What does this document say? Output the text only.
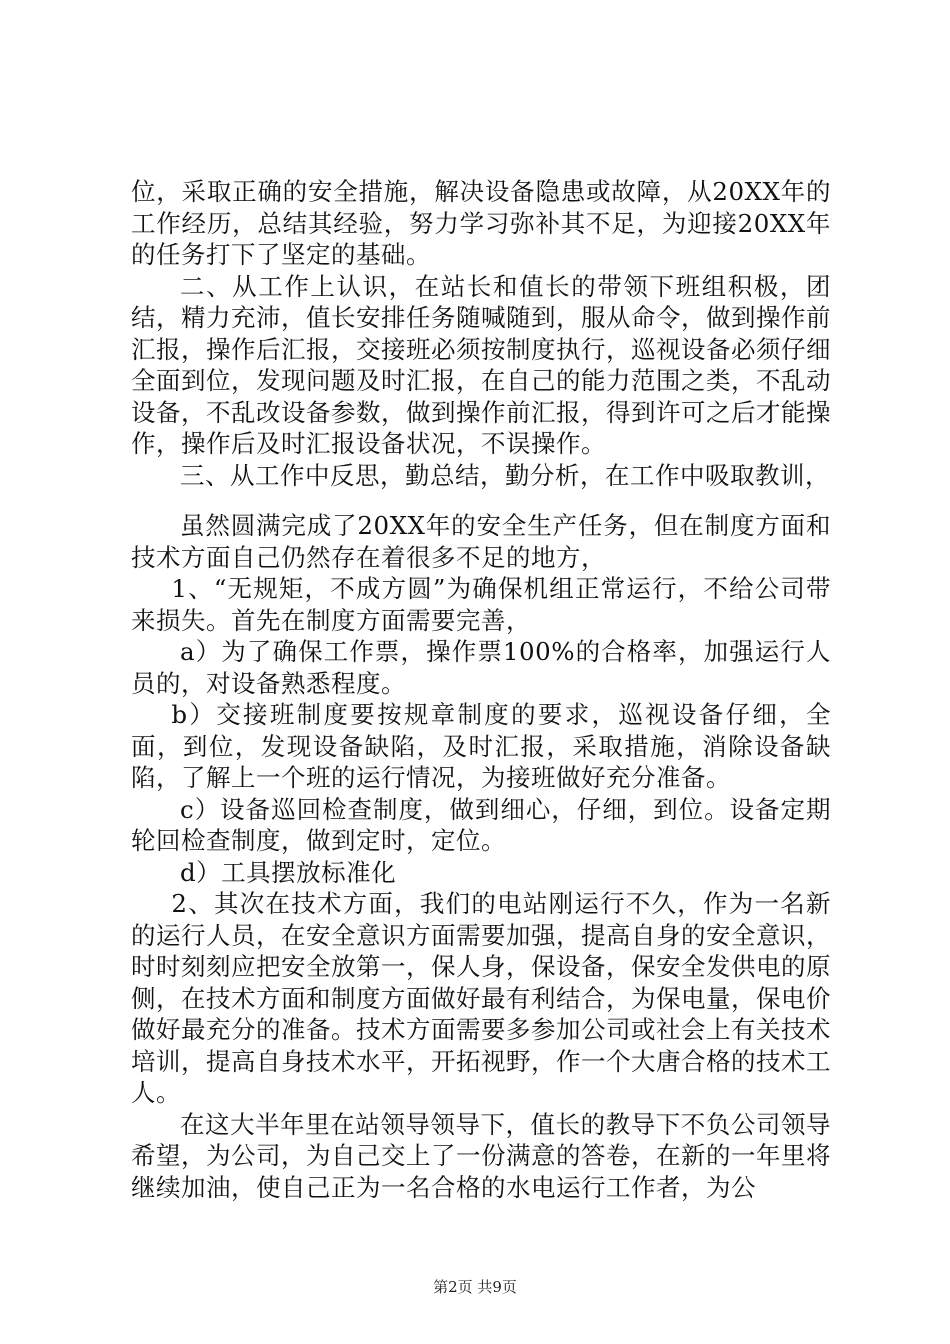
位，采取正确的安全措施，解决设备隐患或故障，从20XX年的工作经历，总结其经验，努力学习弥补其不足，为迎接20XX年的任务打下了坚定的基础。

二、从工作上认识，在站长和值长的带领下班组积极，团结，精力充沛，值长安排任务随喊随到，服从命令，做到操作前汇报，操作后汇报，交接班必须按制度执行，巡视设备必须仔细全面到位，发现问题及时汇报，在自己的能力范围之类，不乱动设备，不乱改设备参数，做到操作前汇报，得到许可之后才能操作，操作后及时汇报设备状况，不误操作。

三、从工作中反思，勤总结，勤分析，在工作中吸取教训，

虽然圆满完成了20XX年的安全生产任务，但在制度方面和技术方面自己仍然存在着很多不足的地方，

1、“无规矩，不成方圆”为确保机组正常运行，不给公司带来损失。首先在制度方面需要完善，

a）为了确保工作票，操作票100%的合格率，加强运行人员的，对设备熟悉程度。

b）交接班制度要按规章制度的要求，巡视设备仔细，全面，到位，发现设备缺陷，及时汇报，采取措施，消除设备缺陷，了解上一个班的运行情况，为接班做好充分准备。

c）设备巡回检查制度，做到细心，仔细，到位。设备定期轮回检查制度，做到定时，定位。

d）工具摆放标准化

2、其次在技术方面，我们的电站刚运行不久，作为一名新的运行人员，在安全意识方面需要加强，提高自身的安全意识，时时刻刻应把安全放第一，保人身，保设备，保安全发供电的原侧，在技术方面和制度方面做好最有利结合，为保电量，保电价做好最充分的准备。技术方面需要多参加公司或社会上有关技术培训，提高自身技术水平，开拓视野，作一个大唐合格的技术工人。

在这大半年里在站领导领导下，值长的教导下不负公司领导希望，为公司，为自己交上了一份满意的答卷，在新的一年里将继续加油，使自己正为一名合格的水电运行工作者，为公

第2页 共9页
